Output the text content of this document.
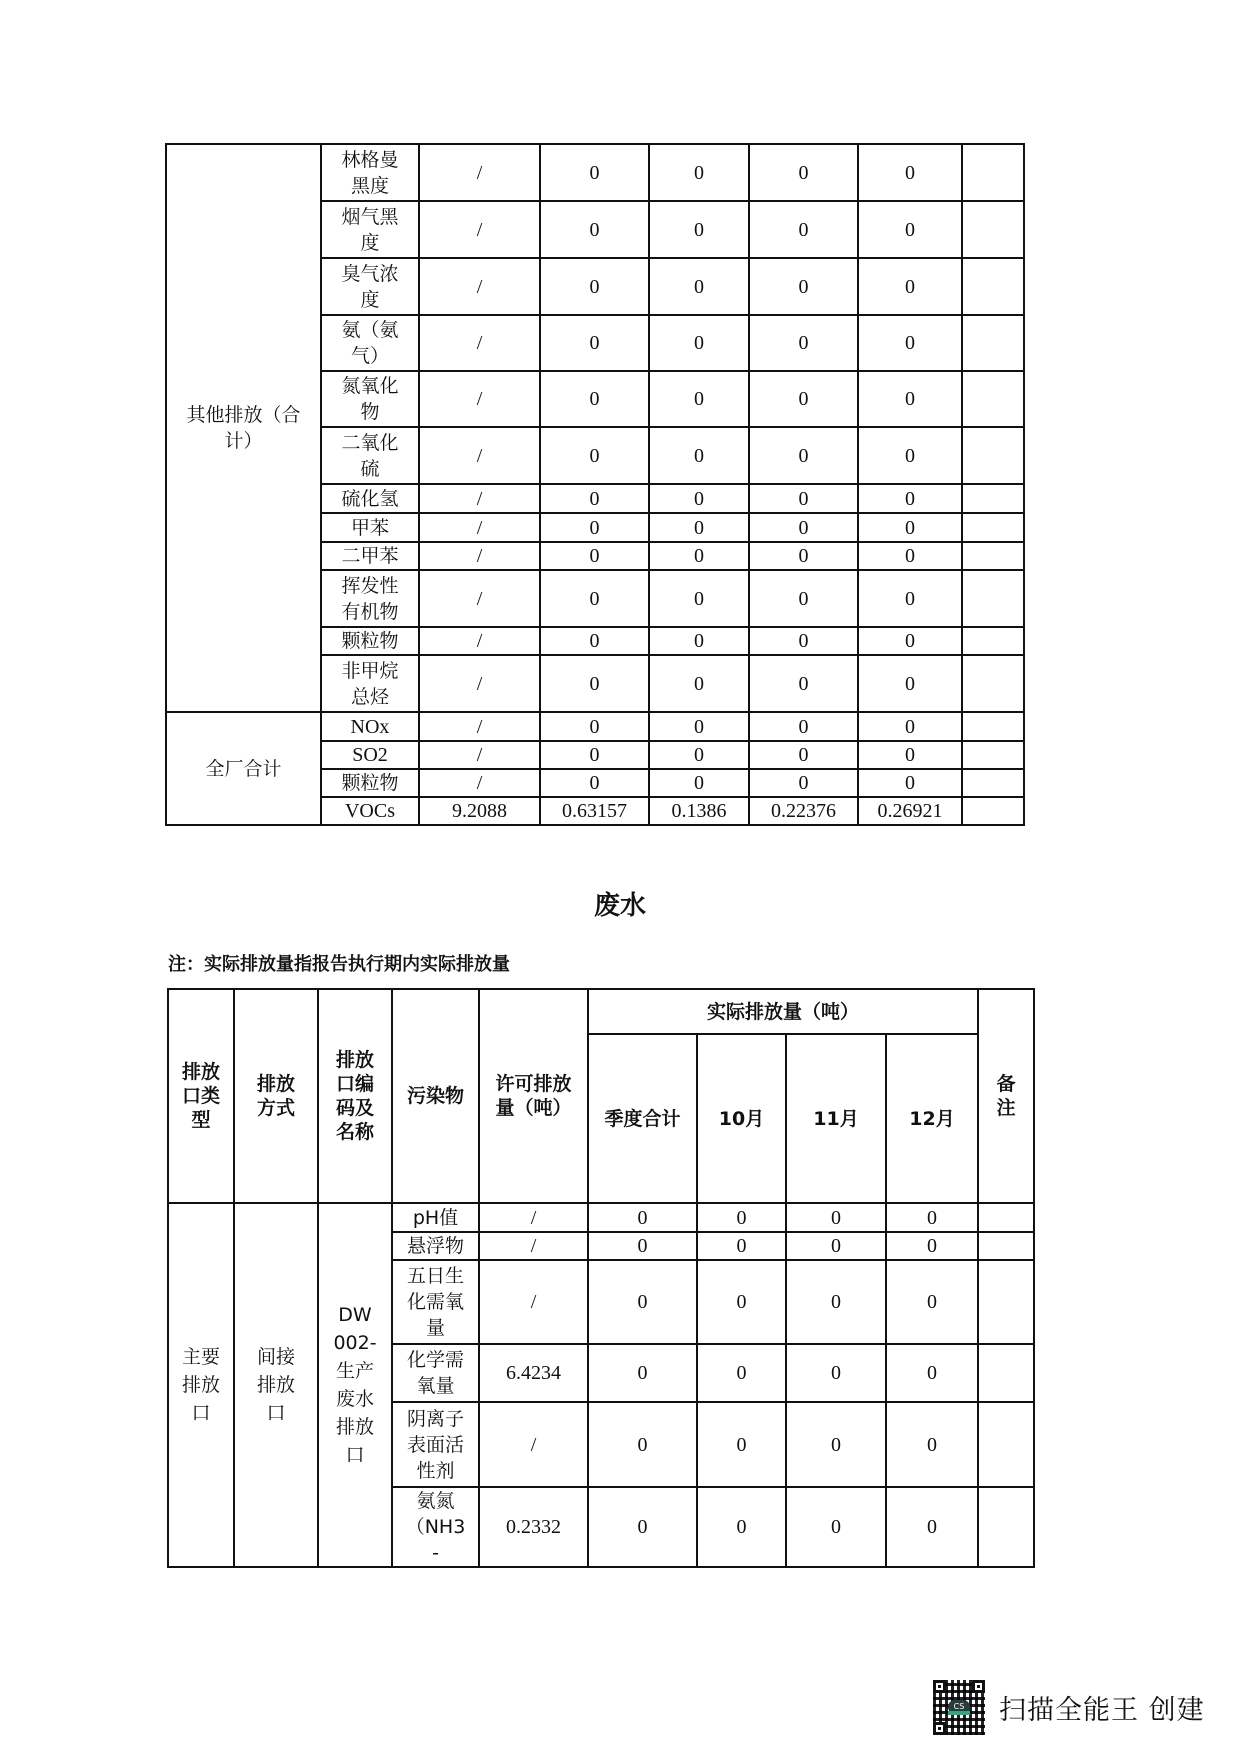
其他排放（合计）	林格曼黑度	/	0	0	0	0	
	烟气黑度	/	0	0	0	0	
	臭气浓度	/	0	0	0	0	
	氨（氨气）	/	0	0	0	0	
	氮氧化物	/	0	0	0	0	
	二氧化硫	/	0	0	0	0	
	硫化氢	/	0	0	0	0	
	甲苯	/	0	0	0	0	
	二甲苯	/	0	0	0	0	
	挥发性有机物	/	0	0	0	0	
	颗粒物	/	0	0	0	0	
	非甲烷总烃	/	0	0	0	0	
全厂合计	NOx	/	0	0	0	0	
	SO2	/	0	0	0	0	
	颗粒物	/	0	0	0	0	
	VOCs	9.2088	0.63157	0.1386	0.22376	0.26921	
废水
注：实际排放量指报告执行期内实际排放量
排放口类型	排放方式	排放口编码及名称	污染物	许可排放量（吨）	实际排放量（吨）				备注
					季度合计	10月	11月	12月	
主要排放口	间接排放口	DW002-生产废水排放口	pH值	/	0	0	0	0	
			悬浮物	/	0	0	0	0	
			五日生化需氧量	/	0	0	0	0	
			化学需氧量	6.4234	0	0	0	0	
			阴离子表面活性剂	/	0	0	0	0	
			氨氮（NH3-	0.2332	0	0	0	0	
CS 扫描全能王 创建
